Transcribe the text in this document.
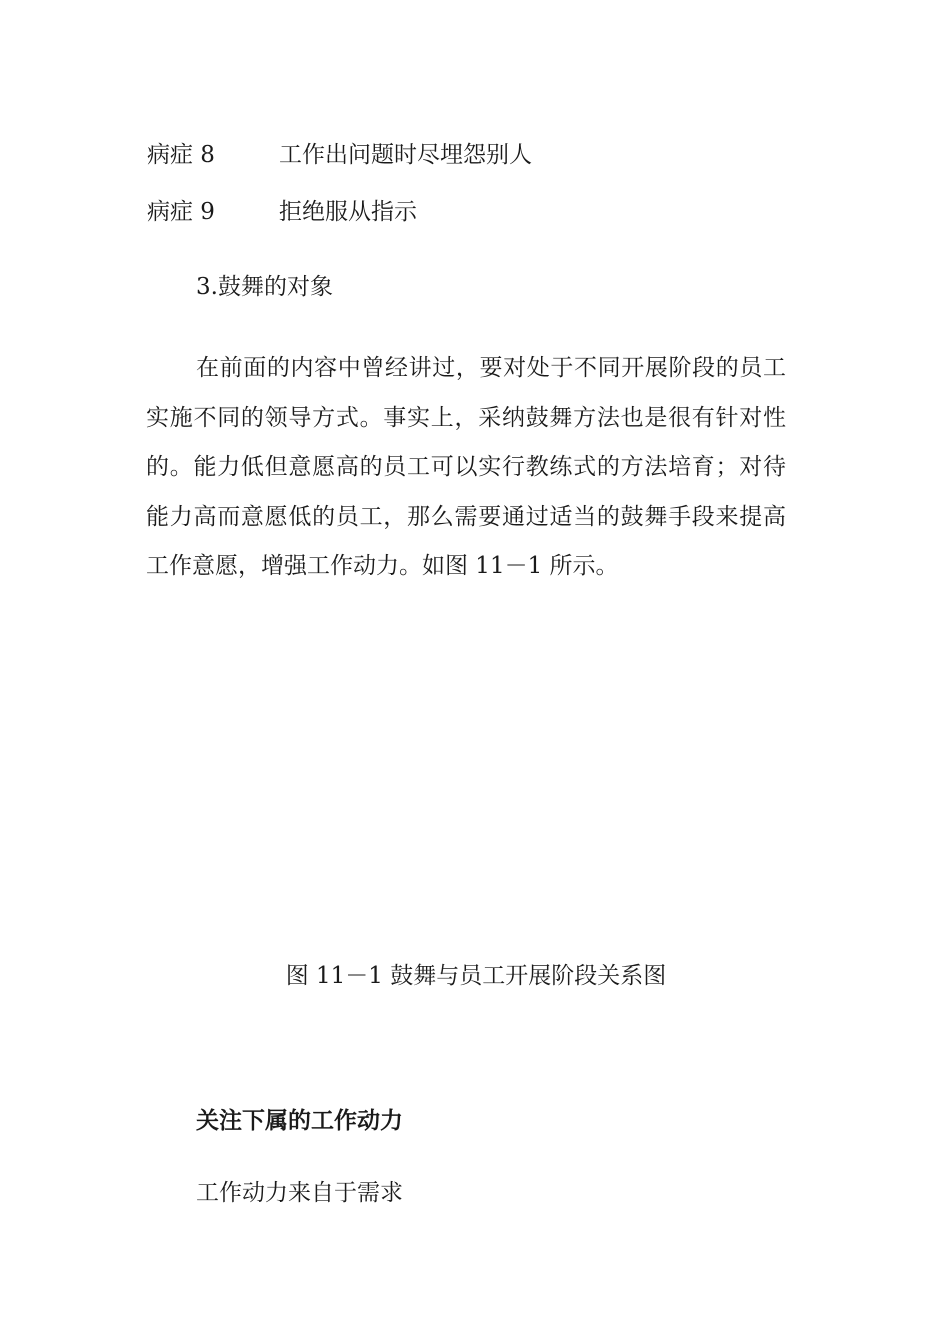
病症 8	工作出问题时尽埋怨别人
病症 9	拒绝服从指示
3.鼓舞的对象

在前面的内容中曾经讲过，要对处于不同开展阶段的员工实施不同的领导方式。事实上，采纳鼓舞方法也是很有针对性的。能力低但意愿高的员工可以实行教练式的方法培育；对待能力高而意愿低的员工，那么需要通过适当的鼓舞手段来提高工作意愿，增强工作动力。如图 11－1 所示。

图 11－1 鼓舞与员工开展阶段关系图
关注下属的工作动力
工作动力来自于需求
